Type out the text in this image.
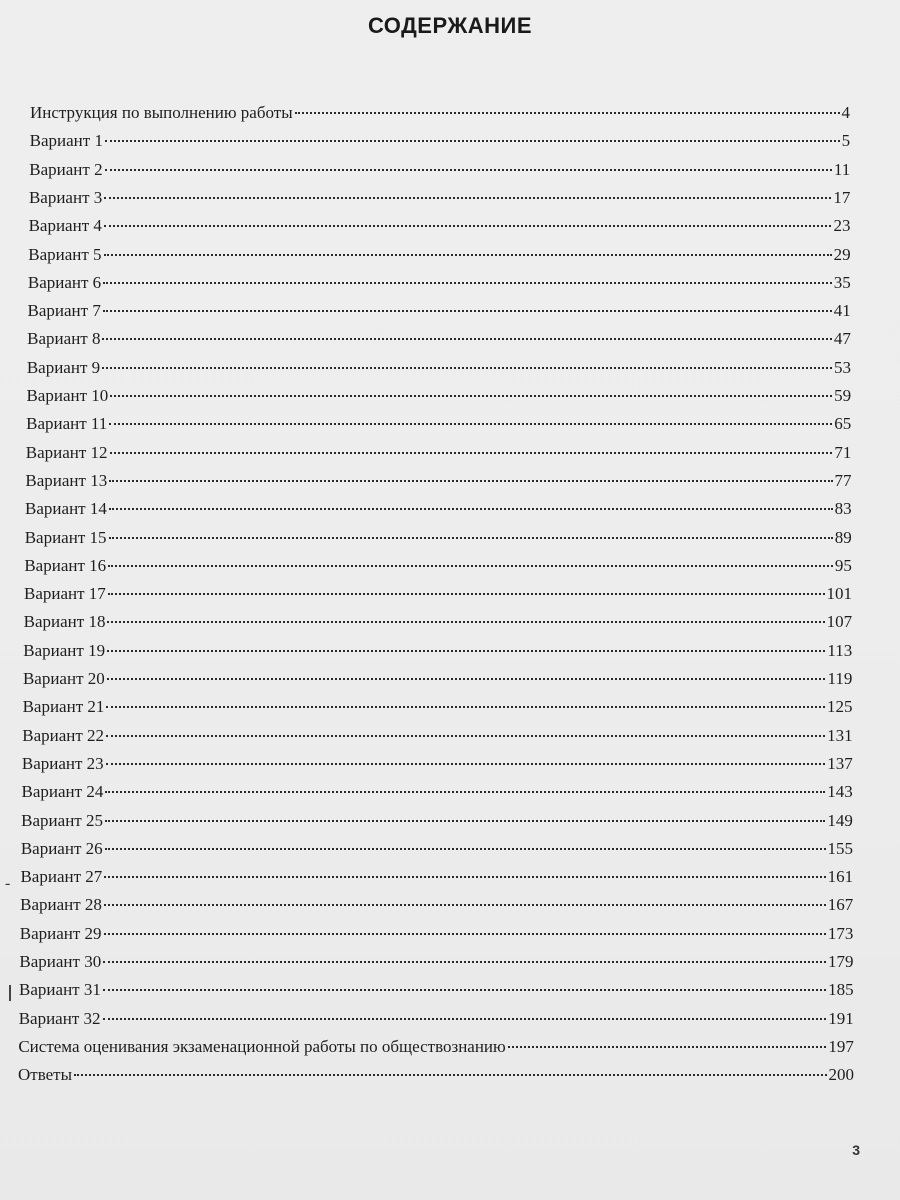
СОДЕРЖАНИЕ
Инструкция по выполнению работы	4
Вариант 1	5
Вариант 2	11
Вариант 3	17
Вариант 4	23
Вариант 5	29
Вариант 6	35
Вариант 7	41
Вариант 8	47
Вариант 9	53
Вариант 10	59
Вариант 11	65
Вариант 12	71
Вариант 13	77
Вариант 14	83
Вариант 15	89
Вариант 16	95
Вариант 17	101
Вариант 18	107
Вариант 19	113
Вариант 20	119
Вариант 21	125
Вариант 22	131
Вариант 23	137
Вариант 24	143
Вариант 25	149
Вариант 26	155
Вариант 27	161
Вариант 28	167
Вариант 29	173
Вариант 30	179
Вариант 31	185
Вариант 32	191
Система оценивания экзаменационной работы по обществознанию	197
Ответы	200
-
3
